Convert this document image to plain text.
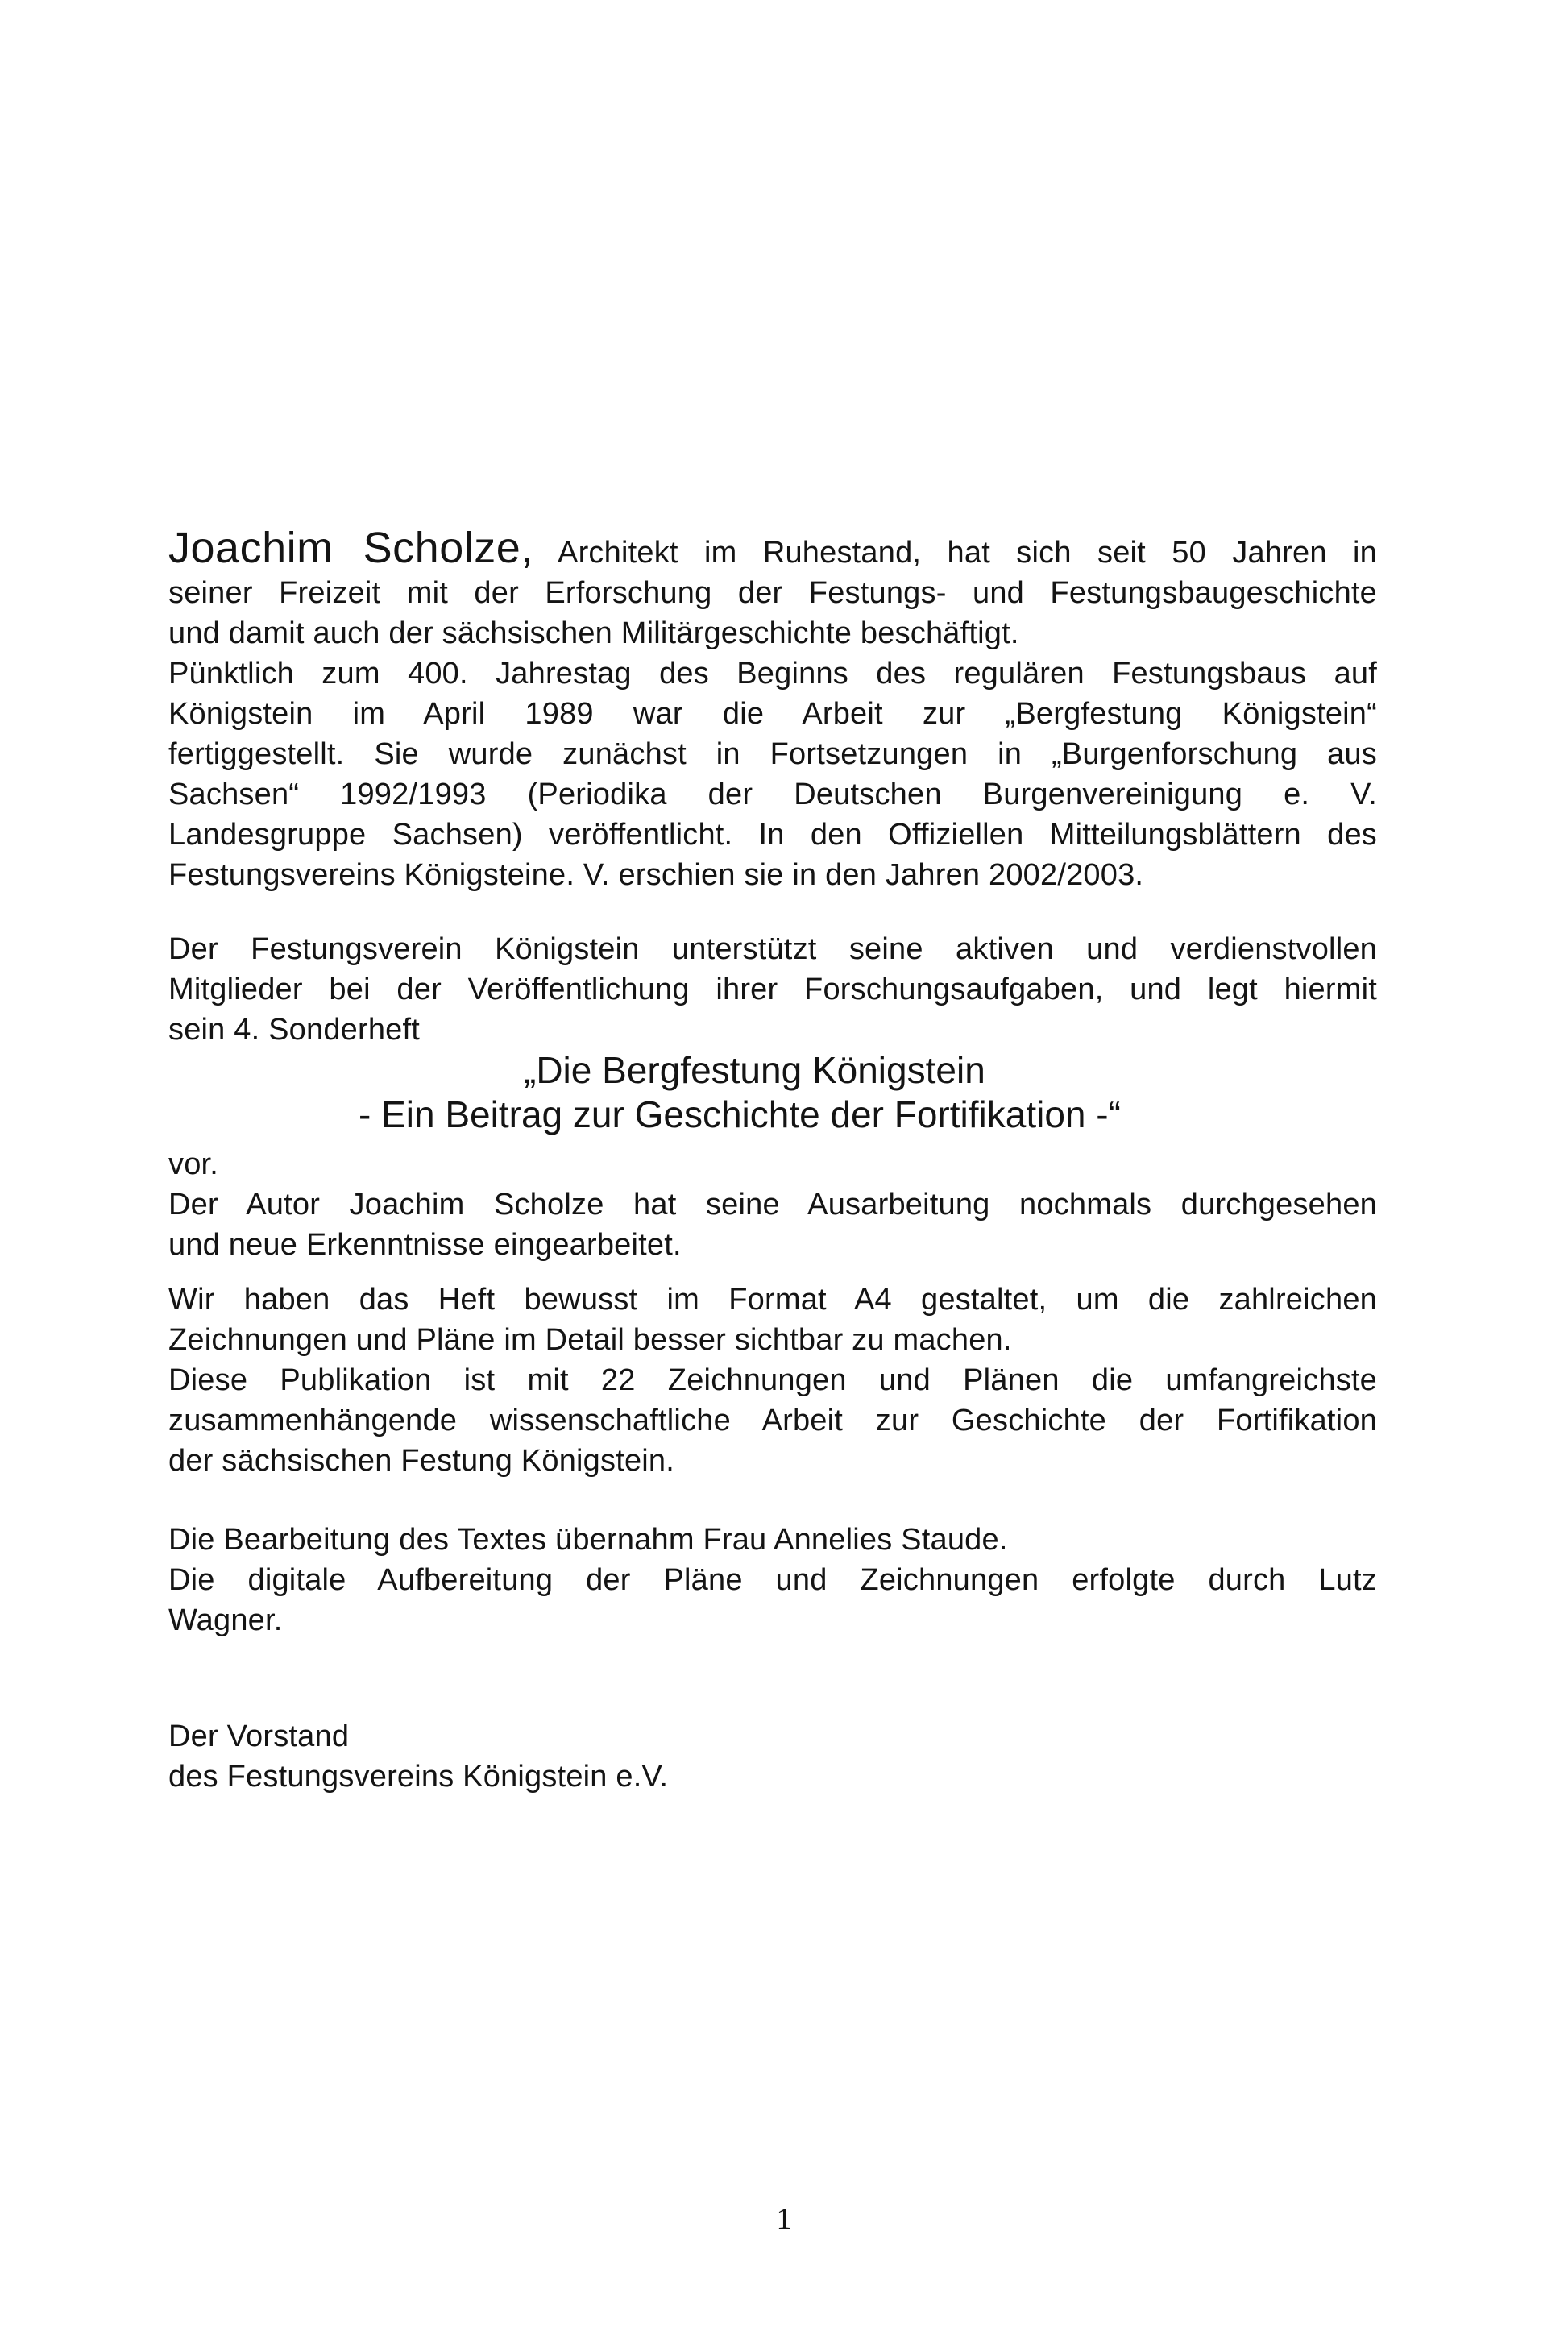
Joachim Scholze, Architekt im Ruhestand, hat sich seit 50 Jahren in
seiner Freizeit mit der Erforschung der Festungs- und Festungsbaugeschichte
und damit auch der sächsischen Militärgeschichte beschäftigt.
Pünktlich zum 400. Jahrestag des Beginns des regulären Festungsbaus auf
Königstein im April 1989 war die Arbeit zur „Bergfestung Königstein“
fertiggestellt. Sie wurde zunächst in Fortsetzungen in „Burgenforschung aus
Sachsen“ 1992/1993 (Periodika der Deutschen Burgenvereinigung e. V.
Landesgruppe Sachsen) veröffentlicht. In den Offiziellen Mitteilungsblättern des
Festungsvereins Königsteine. V. erschien sie in den Jahren 2002/2003.
Der Festungsverein Königstein unterstützt seine aktiven und verdienstvollen
Mitglieder bei der Veröffentlichung ihrer Forschungsaufgaben, und legt hiermit
sein 4. Sonderheft
„Die Bergfestung Königstein
- Ein Beitrag zur Geschichte der Fortifikation -“
vor.
Der Autor Joachim Scholze hat seine Ausarbeitung nochmals durchgesehen
und neue Erkenntnisse eingearbeitet.
Wir haben das Heft bewusst im Format A4 gestaltet, um die zahlreichen
Zeichnungen und Pläne im Detail besser sichtbar zu machen.
Diese Publikation ist mit 22 Zeichnungen und Plänen die umfangreichste
zusammenhängende wissenschaftliche Arbeit zur Geschichte der Fortifikation
der sächsischen Festung Königstein.
Die Bearbeitung des Textes übernahm Frau Annelies Staude.
Die digitale Aufbereitung der Pläne und Zeichnungen erfolgte durch Lutz
Wagner.
Der Vorstand
des Festungsvereins Königstein e.V.
1
